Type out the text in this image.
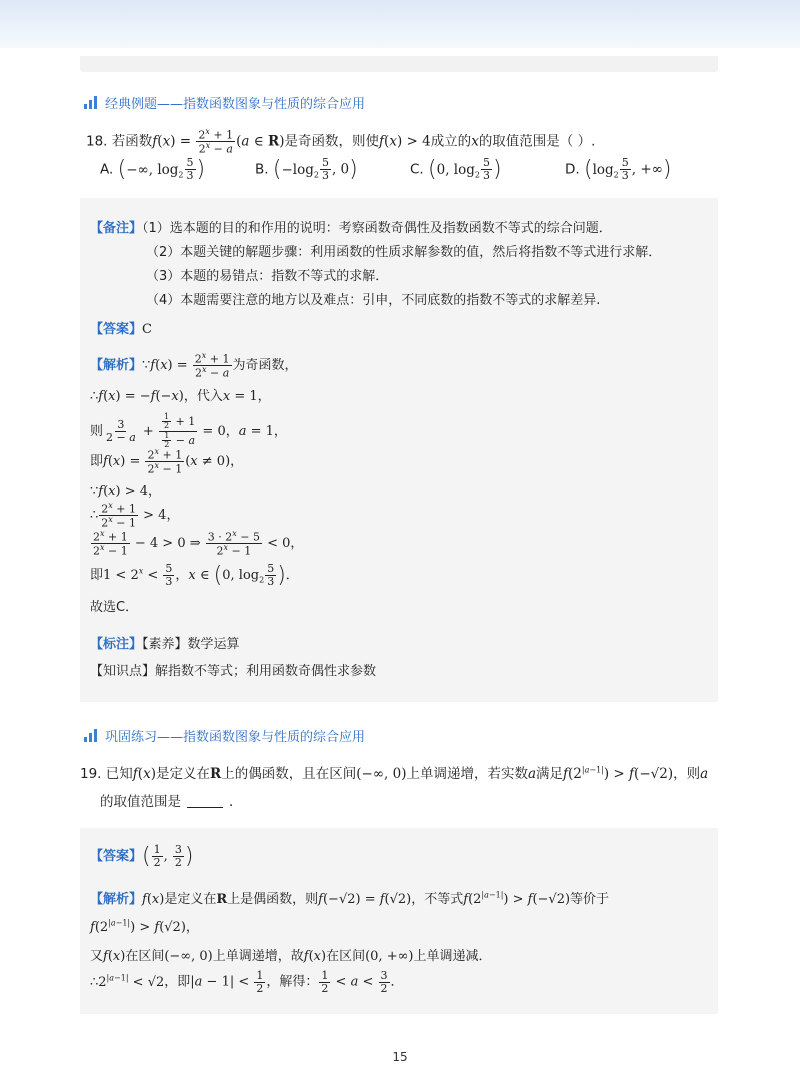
经典例题——指数函数图象与性质的综合应用
18. 若函数$f(x) = \frac{2^x + 1}{2^x - a} (a$ ∈ R)是奇函数，则使f(x) > 4成立的x的取值范围是（ ）.
A. (−∞, $\log_2 \frac{5}{3}$ )	B. ($-\log_2 \frac{5}{3}$ , 0)	C. (0, $\log_2 \frac{5}{3}$ )	D. ($\log_2 \frac{5}{3}$ , +∞)
【备注】（1）选本题的目的和作用的说明：考察函数奇偶性及指数函数不等式的综合问题．
（2）本题关键的解题步骤：利用函数的性质求解参数的值，然后将指数不等式进行求解．
（3）本题的易错点：指数不等式的求解．
（4）本题需要注意的地方以及难点：引申，不同底数的指数不等式的求解差异.
【答案】C
【解析】∵f(x) = $\frac{2^x + 1}{2^x - a}$ 为奇函数，
∴f(x) = −f(−x)，代入x = 1，
则 $\frac{3}{2 - a} + \frac{\frac{1}{2} + 1}{\frac{1}{2} - a} = 0$，a = 1，
即$f(x) = \frac{2^x + 1}{2^x - 1} (x \ne 0)$，
∵f(x) > 4，
∴ $\frac{2^x + 1}{2^x - 1} > 4$，
$\frac{2^x + 1}{2^x - 1} - 4 > 0$ ⇒ $\frac{3 \cdot 2^x - 5}{2^x - 1} < 0$，
即$1 < 2^x < \frac{5}{3}$ ，x ∈ (0, $\log_2 \frac{5}{3}$ )．
故选C．
【标注】【素养】数学运算
【知识点】解指数不等式；利用函数奇偶性求参数
巩固练习——指数函数图象与性质的综合应用
19. 已知f(x)是定义在R上的偶函数，且在区间(−∞, 0)上单调递增，若实数a满足$f(2^{|a-1|}) > f(-√2)$，则a
的取值范围是	．
【答案】( $\frac{1}{2}$ , $\frac{3}{2}$ )
【解析】f(x)是定义在R上是偶函数，则f(−√2) = f(√2)，不等式$f(2^{|a-1|}) > f(-√2)$等价于
$f(2^{|a-1|}) > f(√2)$，
又f(x)在区间(−∞, 0)上单调递增，故f(x)在区间(0, +∞)上单调递减．
$\therefore 2^{|a-1|} < √2$，即$|a - 1| < \frac{1}{2}$ ，解得： $\frac{1}{2} < a < \frac{3}{2}$ ．
15
